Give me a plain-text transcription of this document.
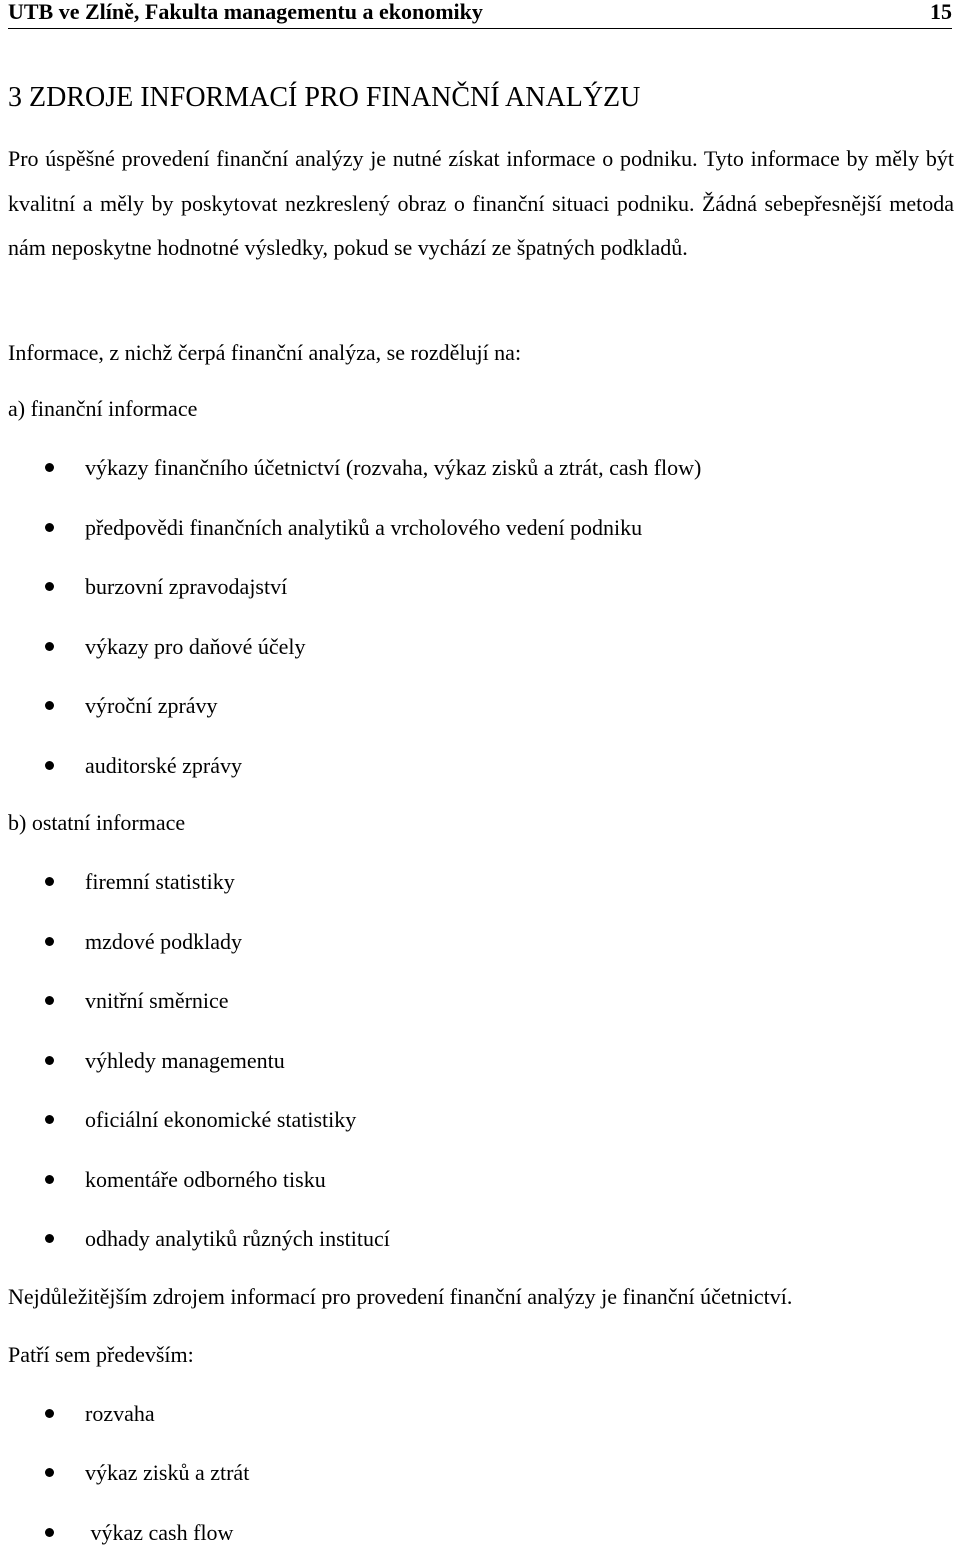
UTB ve Zlíně, Fakulta managementu a ekonomiky	15
3 ZDROJE INFORMACÍ PRO FINANČNÍ ANALÝZU

Pro úspěšné provedení finanční analýzy je nutné získat informace o podniku. Tyto informace by měly být kvalitní a měly by poskytovat nezkreslený obraz o finanční situaci podniku. Žádná sebepřesnější metoda nám neposkytne hodnotné výsledky, pokud se vychází ze špatných podkladů.

Informace, z nichž čerpá finanční analýza, se rozdělují na:

a) finanční informace

výkazy finančního účetnictví (rozvaha, výkaz zisků a ztrát, cash flow)
předpovědi finančních analytiků a vrcholového vedení podniku
burzovní zpravodajství
výkazy pro daňové účely
výroční zprávy
auditorské zprávy

b) ostatní informace

firemní statistiky
mzdové podklady
vnitřní směrnice
výhledy managementu
oficiální ekonomické statistiky
komentáře odborného tisku
odhady analytiků různých institucí

Nejdůležitějším zdrojem informací pro provedení finanční analýzy je finanční účetnictví.

Patří sem především:

rozvaha
výkaz zisků a ztrát
výkaz cash flow
